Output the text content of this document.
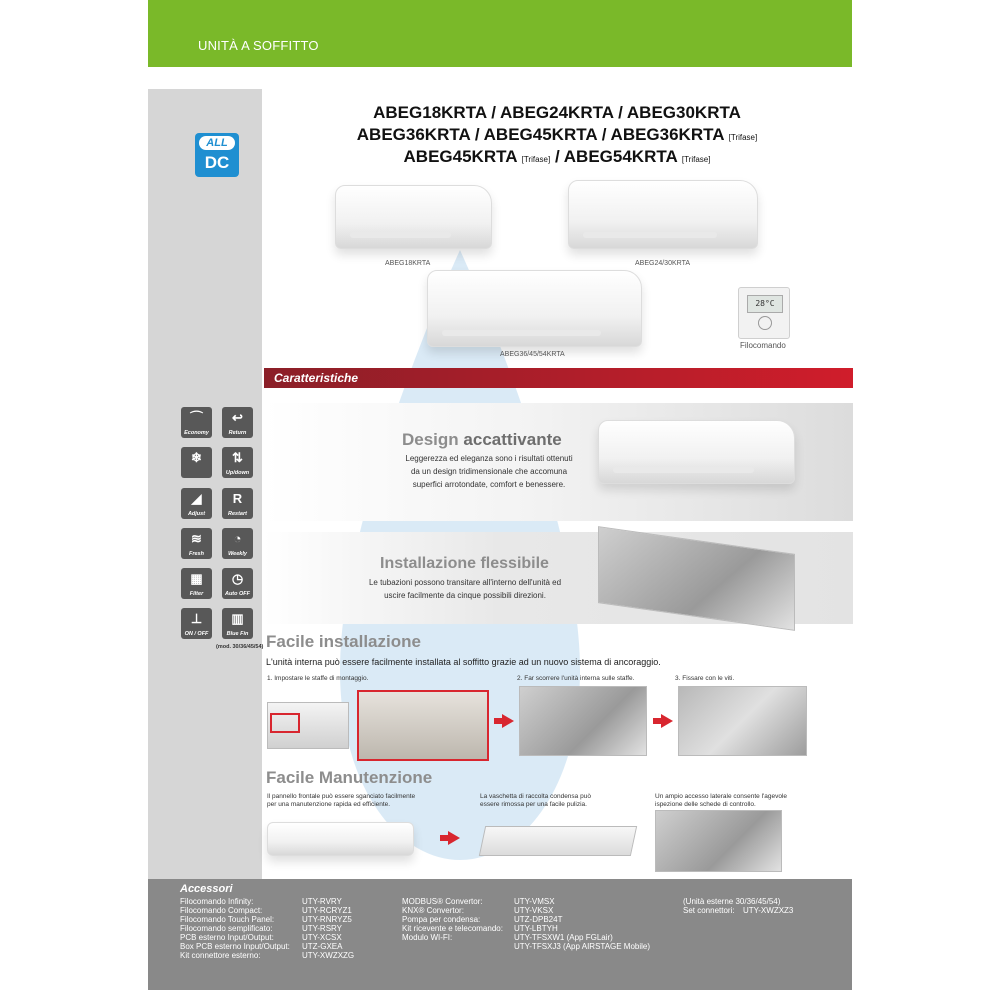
UNITÀ A SOFFITTO
ALL
DC
ABEG18KRTA / ABEG24KRTA / ABEG30KRTA
ABEG36KRTA / ABEG45KRTA / ABEG36KRTA [Trifase]
ABEG45KRTA [Trifase] / ABEG54KRTA [Trifase]
ABEG18KRTA	ABEG24/30KRTA
ABEG36/45/54KRTA
28°C
Filocomando
Caratteristiche
Design accattivante
Leggerezza ed eleganza sono i risultati ottenuti
da un design tridimensionale che accomuna
superfici arrotondate, comfort e benessere.
Installazione flessibile
Le tubazioni possono transitare all'interno dell'unità ed
uscire facilmente da cinque possibili direzioni.
⌒
Economy
↩
Return
❄	⇅
Up/down
◢
Adjust
R
Restart
≋
Fresh
◔
Weekly
▦
Filter
◷
Auto OFF
⊥
ON / OFF
▥
Blue Fin
(mod. 30/36/45/54) Facile installazione
L'unità interna può essere facilmente installata al soffitto grazie ad un nuovo sistema di ancoraggio.
1. Impostare le staffe di montaggio.	2. Far scorrere l'unità interna sulle staffe.	3. Fissare con le viti.
Facile Manutenzione
Il pannello frontale può essere sganciato facilmente
per una manutenzione rapida ed efficiente.
La vaschetta di raccolta condensa può
essere rimossa per una facile pulizia.
Un ampio accesso laterale consente l'agevole
ispezione delle schede di controllo.
Accessori
Filocomando Infinity:	UTY-RVRY
Filocomando Compact:	UTY-RCRYZ1
Filocomando Touch Panel:	UTY-RNRYZ5
Filocomando semplificato:	UTY-RSRY
PCB esterno Input/Output:	UTY-XCSX
Box PCB esterno Input/Output: UTZ-GXEA
Kit connettore esterno:	UTY-XWZXZG
MODBUS® Convertor:	UTY-VMSX
KNX® Convertor:	UTY-VKSX
Pompa per condensa:	UTZ-DPB24T
Kit ricevente e telecomando: UTY-LBTYH
Modulo WI-FI:	UTY-TFSXW1 (App FGLair)
UTY-TFSXJ3 (App AIRSTAGE Mobile)
(Unità esterne 30/36/45/54)
Set connettori: UTY-XWZXZ3
